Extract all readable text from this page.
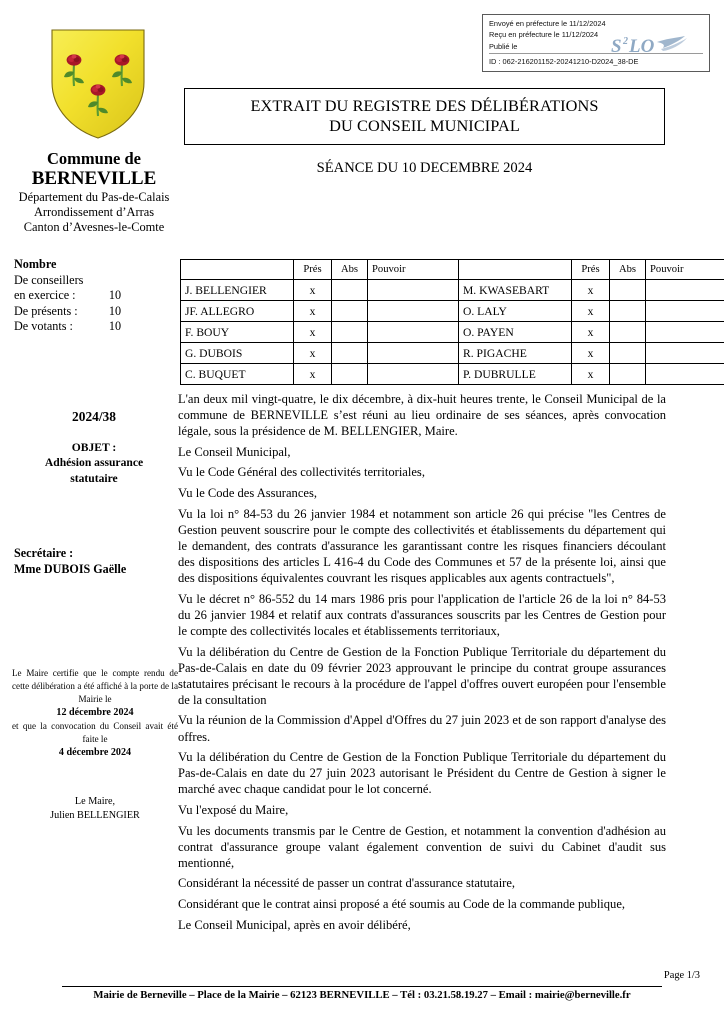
Envoyé en préfecture le 11/12/2024
Reçu en préfecture le 11/12/2024
Publié le
ID : 062-216201152-20241210-D2024_38-DE
S 2 LO
Commune de
BERNEVILLE
Département du Pas-de-Calais
Arrondissement d’Arras
Canton d’Avesnes-le-Comte
Nombre
De conseillers
en exercice :	10
De présents :	10
De votants :	10
2024/38
OBJET :
Adhésion assurance
statutaire
Secrétaire :
Mme DUBOIS Gaëlle
Le Maire certifie que le compte rendu de cette délibération a été affiché à la porte de la Mairie le
12 décembre 2024
et que la convocation du Conseil avait été faite le
4 décembre 2024
Le Maire,
Julien BELLENGIER
EXTRAIT DU REGISTRE DES DÉLIBÉRATIONS
DU CONSEIL MUNICIPAL
SÉANCE DU 10 DECEMBRE 2024
	Prés	Abs	Pouvoir		Prés	Abs	Pouvoir
J. BELLENGIER	x			M. KWASEBART	x		
JF. ALLEGRO	x			O. LALY	x		
F. BOUY	x			O. PAYEN	x		
G. DUBOIS	x			R. PIGACHE	x		
C. BUQUET	x			P. DUBRULLE	x		

L'an deux mil vingt-quatre, le dix décembre, à dix-huit heures trente, le Conseil Municipal de la commune de BERNEVILLE s’est réuni au lieu ordinaire de ses séances, après convocation légale, sous la présidence de M. BELLENGIER, Maire.

Le Conseil Municipal,

Vu le Code Général des collectivités territoriales,

Vu le Code des Assurances,

Vu la loi n° 84-53 du 26 janvier 1984 et notamment son article 26 qui précise "les Centres de Gestion peuvent souscrire pour le compte des collectivités et établissements du département qui le demandent, des contrats d'assurance les garantissant contre les risques financiers découlant des dispositions des articles L 416-4 du Code des Communes et 57 de la présente loi, ainsi que des dispositions équivalentes couvrant les risques applicables aux agents contractuels",

Vu le décret n° 86-552 du 14 mars 1986 pris pour l'application de l'article 26 de la loi n° 84-53 du 26 janvier 1984 et relatif aux contrats d'assurances souscrits par les Centres de Gestion pour le compte des collectivités locales et établissements territoriaux,

Vu la délibération du Centre de Gestion de la Fonction Publique Territoriale du département du Pas-de-Calais en date du 09 février 2023 approuvant le principe du contrat groupe assurances statutaires précisant le recours à la procédure de l'appel d'offres ouvert européen pour l'ensemble de la consultation

Vu la réunion de la Commission d'Appel d'Offres du 27 juin 2023 et de son rapport d'analyse des offres.

Vu la délibération du Centre de Gestion de la Fonction Publique Territoriale du département du Pas-de-Calais en date du 27 juin 2023 autorisant le Président du Centre de Gestion à signer le marché avec chaque candidat pour le lot concerné.

Vu l'exposé du Maire,

Vu les documents transmis par le Centre de Gestion, et notamment la convention d'adhésion au contrat d'assurance groupe valant également convention de suivi du Cabinet d'audit sus mentionné,

Considérant la nécessité de passer un contrat d'assurance statutaire,

Considérant que le contrat ainsi proposé a été soumis au Code de la commande publique,

Le Conseil Municipal, après en avoir délibéré,

Page 1/3
Mairie de Berneville – Place de la Mairie – 62123 BERNEVILLE – Tél : 03.21.58.19.27 – Email : mairie@berneville.fr
